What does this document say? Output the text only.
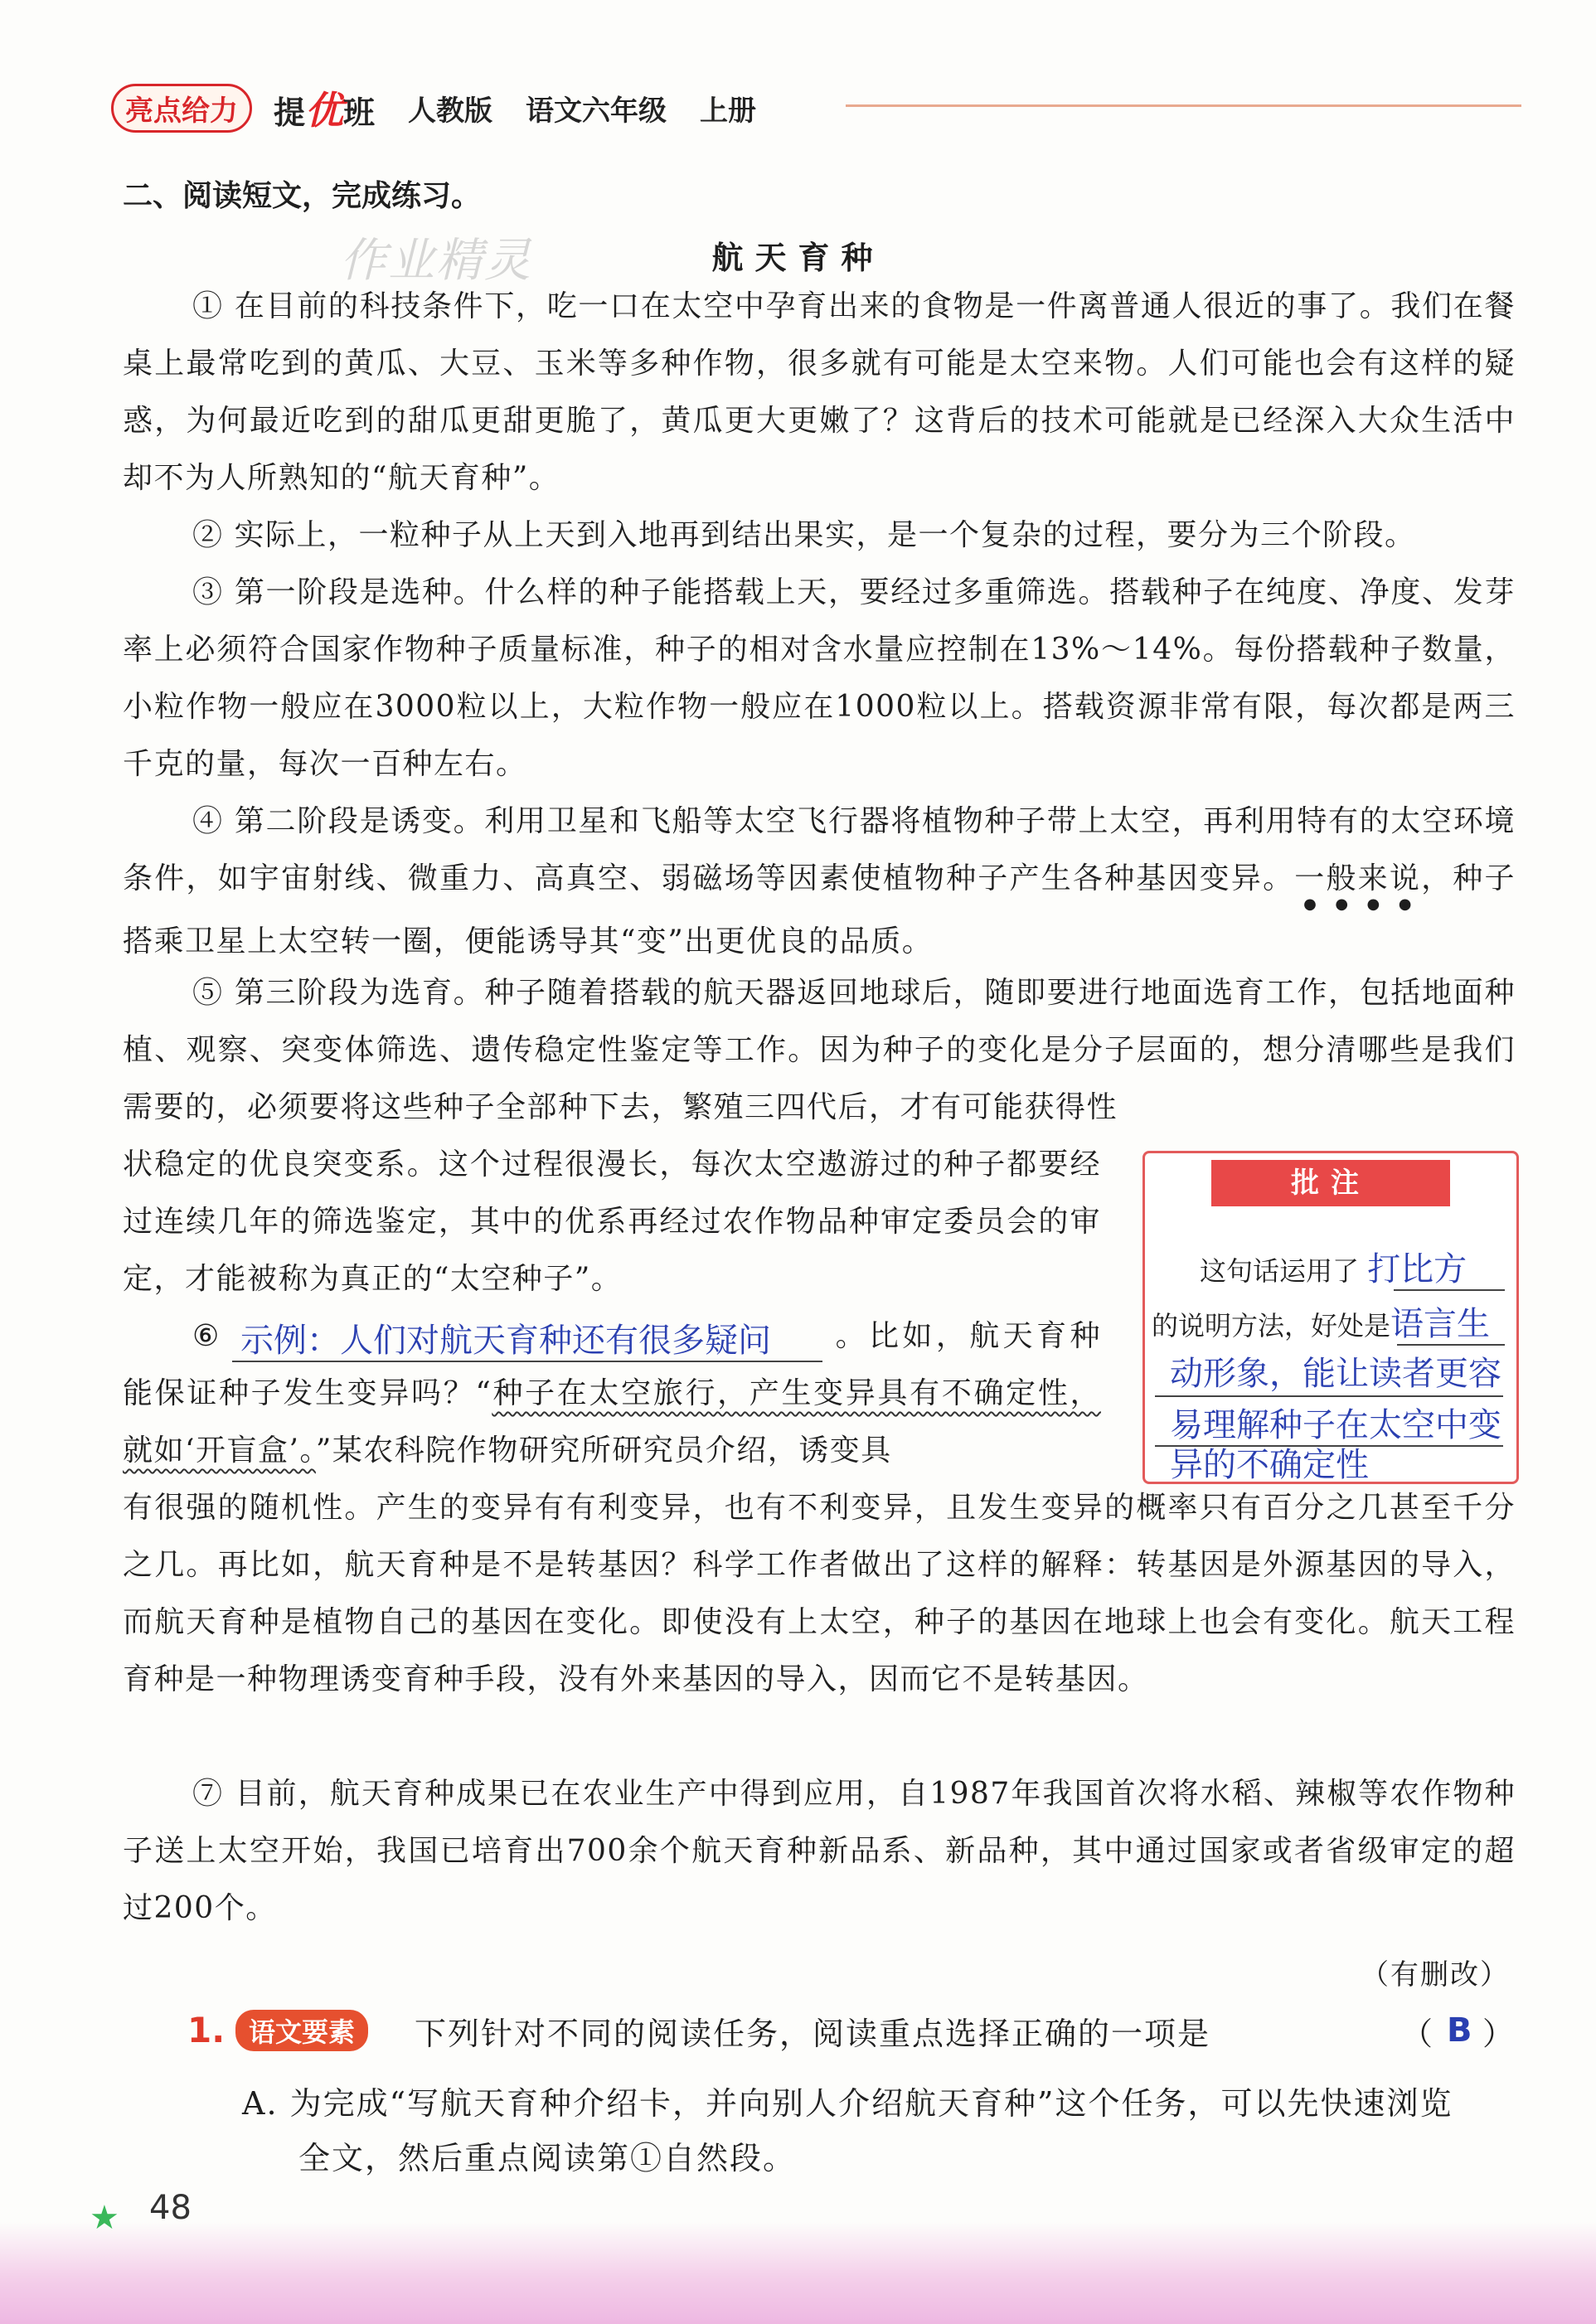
亮点给力	提优班 人教版 语文六年级 上册
二、阅读短文，完成练习。
作业精灵	航天育种

① 在目前的科技条件下，吃一口在太空中孕育出来的食物是一件离普通人很近的事了。我们在餐桌上最常吃到的黄瓜、大豆、玉米等多种作物，很多就有可能是太空来物。人们可能也会有这样的疑惑，为何最近吃到的甜瓜更甜更脆了，黄瓜更大更嫩了？这背后的技术可能就是已经深入大众生活中却不为人所熟知的“航天育种”。

② 实际上，一粒种子从上天到入地再到结出果实，是一个复杂的过程，要分为三个阶段。

③ 第一阶段是选种。什么样的种子能搭载上天，要经过多重筛选。搭载种子在纯度、净度、发芽率上必须符合国家作物种子质量标准，种子的相对含水量应控制在13%～14%。每份搭载种子数量，小粒作物一般应在3000粒以上，大粒作物一般应在1000粒以上。搭载资源非常有限，每次都是两三千克的量，每次一百种左右。

④ 第二阶段是诱变。利用卫星和飞船等太空飞行器将植物种子带上太空，再利用特有的太空环境条件，如宇宙射线、微重力、高真空、弱磁场等因素使植物种子产生各种基因变异。一般来说，种子搭乘卫星上太空转一圈，便能诱导其“变”出更优良的品质。

⑤ 第三阶段为选育。种子随着搭载的航天器返回地球后，随即要进行地面选育工作，包括地面种植、观察、突变体筛选、遗传稳定性鉴定等工作。因为种子的变化是分子层面的，想分清哪些是我们需要的，必须要将这些种子全部种下去，繁殖三四代后，才有可能获得性

状稳定的优良突变系。这个过程很漫长，每次太空遨游过的种子都要经过连续几年的筛选鉴定，其中的优系再经过农作物品种审定委员会的审定，才能被称为真正的“太空种子”。

⑥	。比如，航天育种能保证种子发生变异吗？“种子在太空旅行，产生变异具有不确定性，就如‘开盲盒’。”某农科院作物研究所研究员介绍，诱变具

示例：人们对航天育种还有很多疑问

有很强的随机性。产生的变异有有利变异，也有不利变异，且发生变异的概率只有百分之几甚至千分之几。再比如，航天育种是不是转基因？科学工作者做出了这样的解释：转基因是外源基因的导入，而航天育种是植物自己的基因在变化。即使没有上太空，种子的基因在地球上也会有变化。航天工程育种是一种物理诱变育种手段，没有外来基因的导入，因而它不是转基因。

⑦ 目前，航天育种成果已在农业生产中得到应用，自1987年我国首次将水稻、辣椒等农作物种子送上太空开始，我国已培育出700余个航天育种新品系、新品种，其中通过国家或者省级审定的超过200个。

（有删改）
批注
这句话运用了 打比方
的说明方法，好处是语言生
动形象，能让读者更容
易理解种子在太空中变
异的不确定性
1. 语文要素	下列针对不同的阅读任务，阅读重点选择正确的一项是	（ ）
B

A. 为完成“写航天育种介绍卡，并向别人介绍航天育种”这个任务，可以先快速浏览
全文，然后重点阅读第①自然段。

★ 48
